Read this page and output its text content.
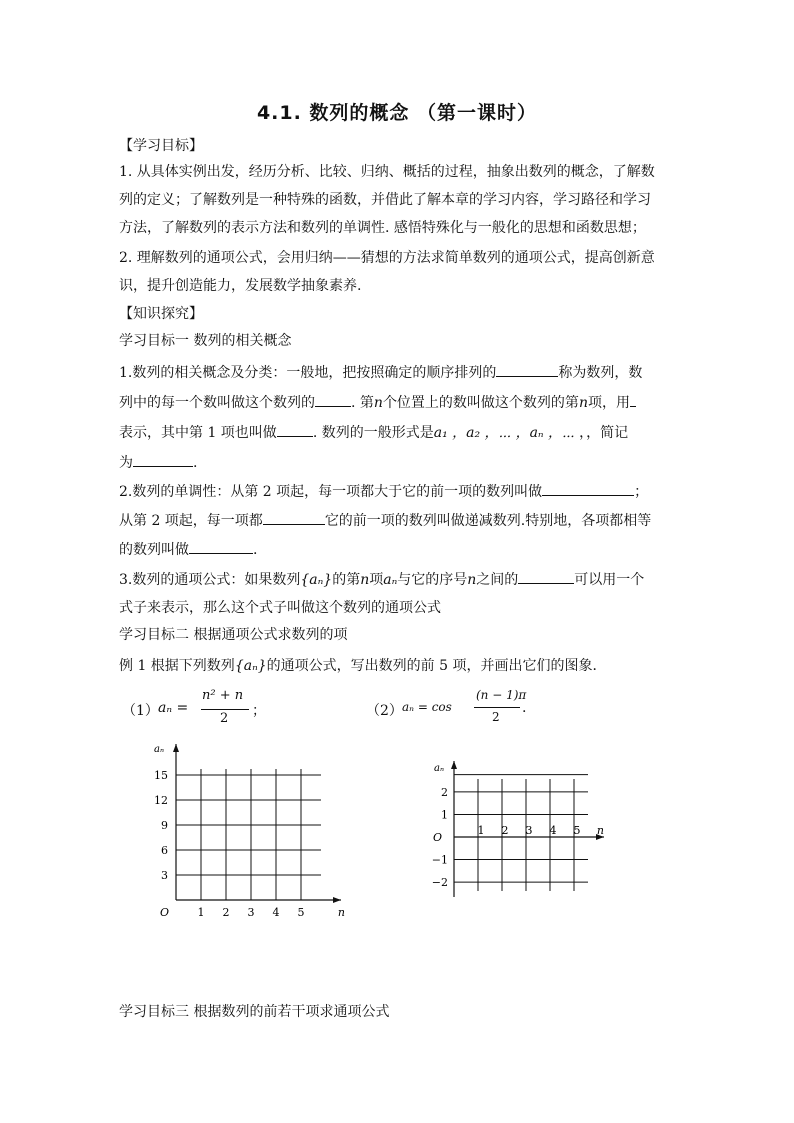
4.1. 数列的概念 （第一课时）
【学习目标】
1. 从具体实例出发，经历分析、比较、归纳、概括的过程，抽象出数列的概念，了解数
列的定义；了解数列是一种特殊的函数，并借此了解本章的学习内容，学习路径和学习
方法，了解数列的表示方法和数列的单调性. 感悟特殊化与一般化的思想和函数思想；
2. 理解数列的通项公式，会用归纳——猜想的方法求简单数列的通项公式，提高创新意
识，提升创造能力，发展数学抽象素养.
【知识探究】
学习目标一 数列的相关概念
1.数列的相关概念及分类：一般地，把按照确定的顺序排列的	称为数列，数
列中的每一个数叫做这个数列的	. 第n个位置上的数叫做这个数列的第n项，用
表示，其中第 1 项也叫做	. 数列的一般形式是a₁ ，a₂ ，⋯ ，aₙ ，⋯ ，，简记
为	.
2.数列的单调性：从第 2 项起，每一项都大于它的前一项的数列叫做	；
从第 2 项起，每一项都	它的前一项的数列叫做递减数列.特别地，各项都相等
的数列叫做	.
3.数列的通项公式：如果数列{aₙ}的第n项aₙ与它的序号n之间的	可以用一个
式子来表示，那么这个式子叫做这个数列的通项公式
学习目标二 根据通项公式求数列的项
例 1 根据下列数列{aₙ}的通项公式，写出数列的前 5 项，并画出它们的图象．
（1） aₙ =
n² + n
2 ；	（2） aₙ = cos
(n − 1)π
2
.
1 2 3 4 5
3
6
9
12
15
O	n
aₙ
1 2 3 4 5
2
1
−1
−2
O
n
aₙ
学习目标三 根据数列的前若干项求通项公式
